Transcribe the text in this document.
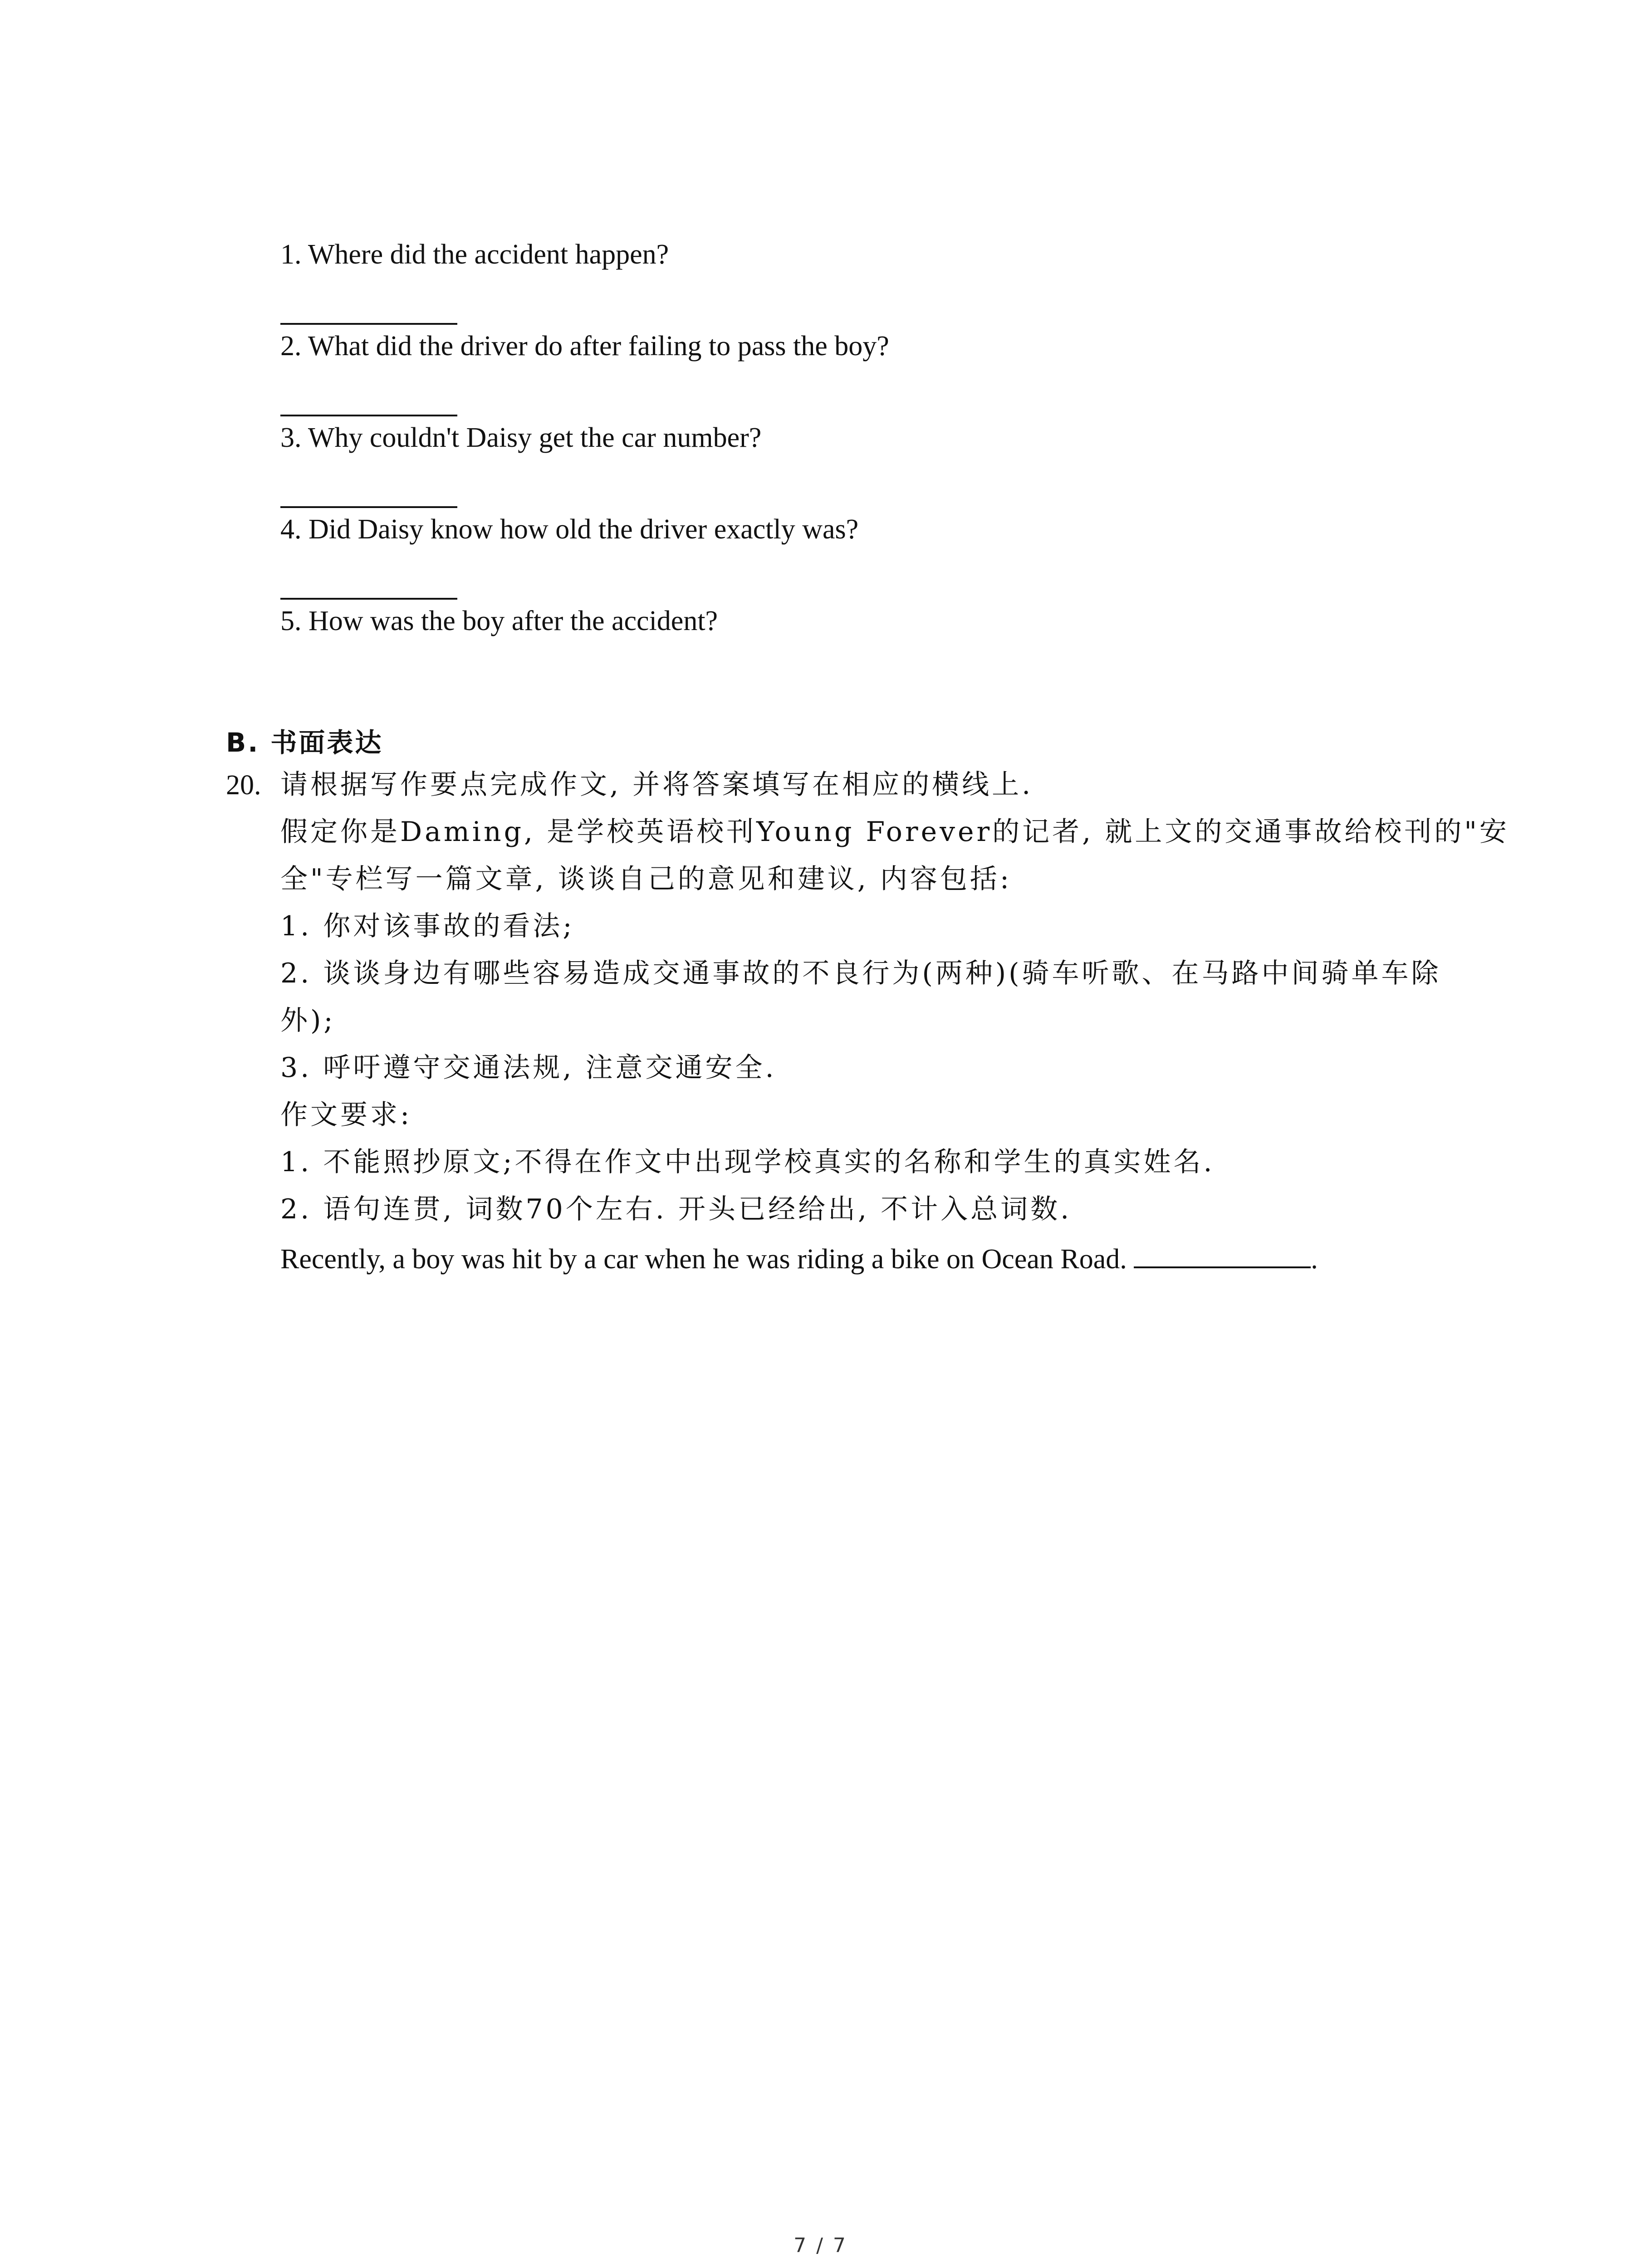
1. Where did the accident happen?
2. What did the driver do after failing to pass the boy?
3. Why couldn't Daisy get the car number?
4. Did Daisy know how old the driver exactly was?
5. How was the boy after the accident?
B. 书面表达
20. 请根据写作要点完成作文, 并将答案填写在相应的横线上.
假定你是Daming, 是学校英语校刊Young Forever的记者, 就上文的交通事故给校刊的"安
全"专栏写一篇文章, 谈谈自己的意见和建议, 内容包括:
1. 你对该事故的看法;
2. 谈谈身边有哪些容易造成交通事故的不良行为(两种)(骑车听歌、在马路中间骑单车除
外);
3. 呼吁遵守交通法规, 注意交通安全.
作文要求:
1. 不能照抄原文;不得在作文中出现学校真实的名称和学生的真实姓名.
2. 语句连贯, 词数70个左右. 开头已经给出, 不计入总词数.
Recently, a boy was hit by a car when he was riding a bike on Ocean Road.	.
7 / 7
